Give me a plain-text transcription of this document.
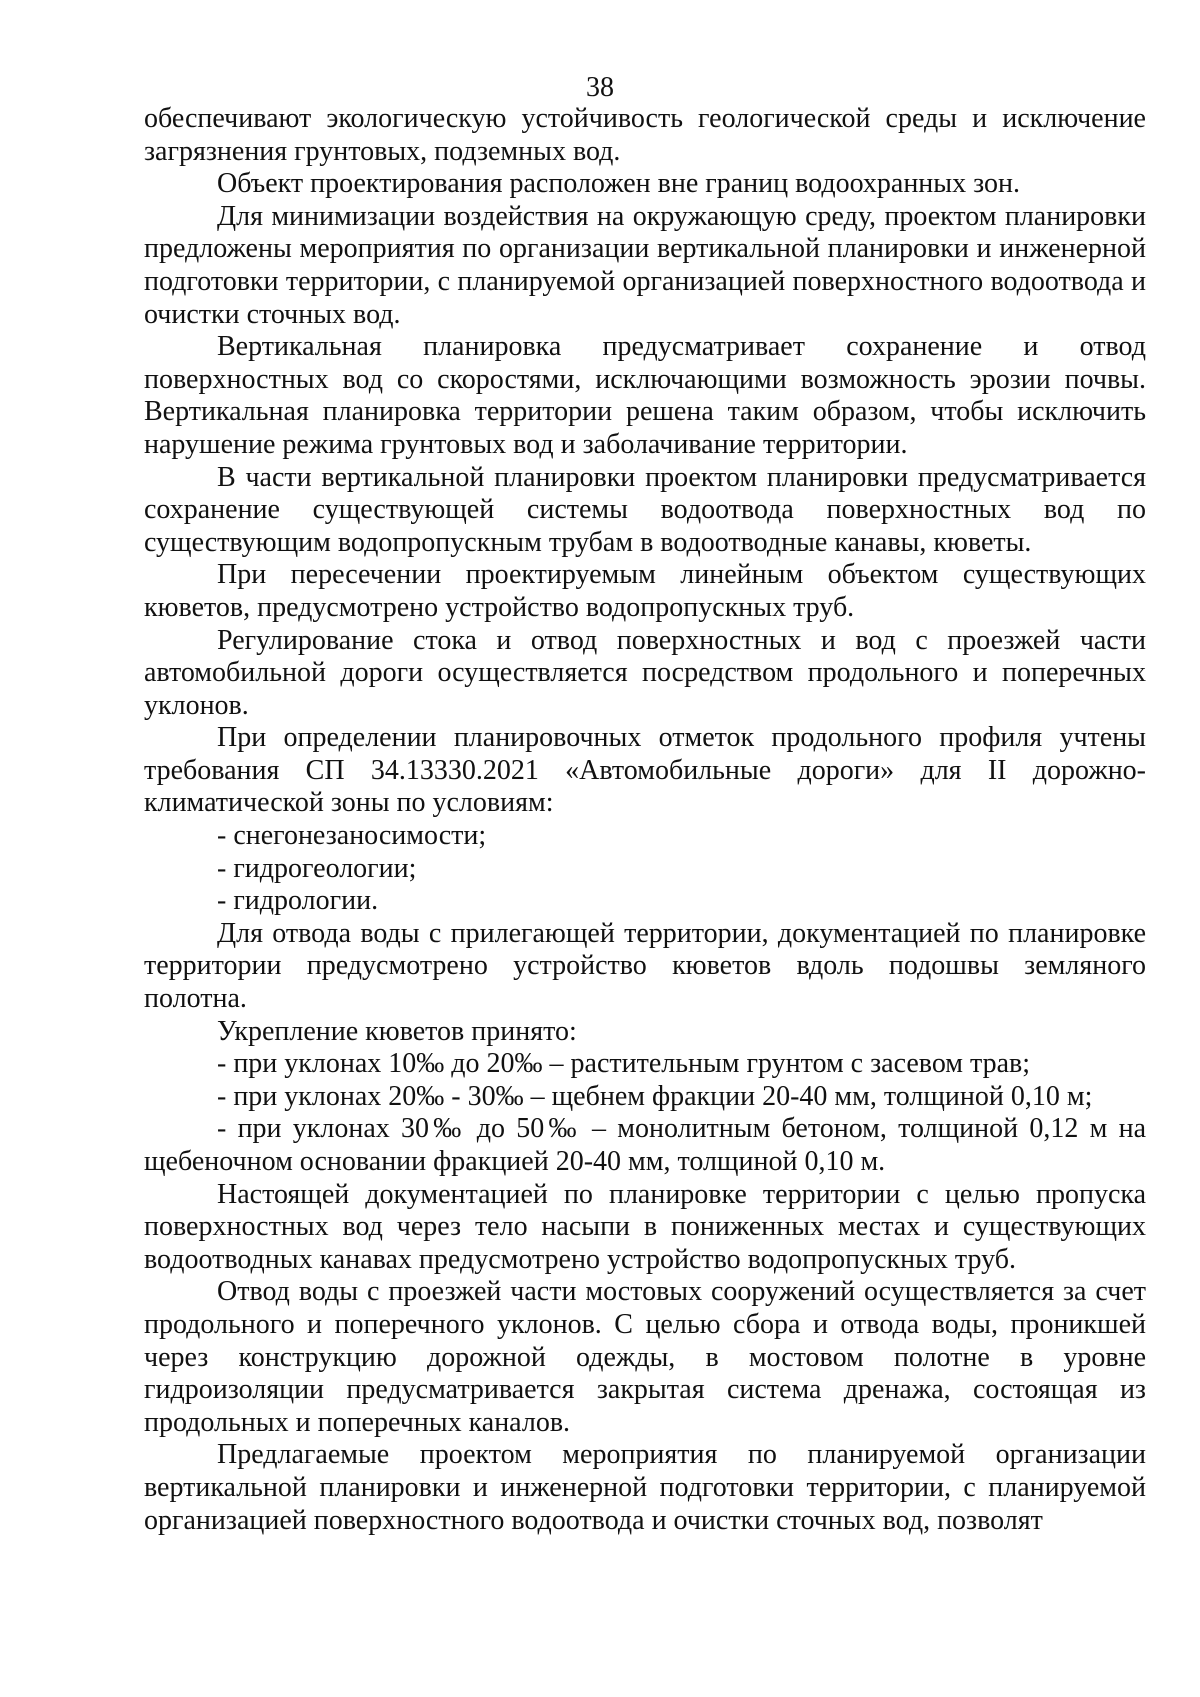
38

обеспечивают экологическую устойчивость геологической среды и исключение загрязнения грунтовых, подземных вод.

Объект проектирования расположен вне границ водоохранных зон.

Для минимизации воздействия на окружающую среду, проектом планировки предложены мероприятия по организации вертикальной планировки и инженерной подготовки территории, с планируемой организацией поверхностного водоотвода и очистки сточных вод.

Вертикальная планировка предусматривает сохранение и отвод поверхностных вод со скоростями, исключающими возможность эрозии почвы. Вертикальная планировка территории решена таким образом, чтобы исключить нарушение режима грунтовых вод и заболачивание территории.

В части вертикальной планировки проектом планировки предусматривается сохранение существующей системы водоотвода поверхностных вод по существующим водопропускным трубам в водоотводные канавы, кюветы.

При пересечении проектируемым линейным объектом существующих кюветов, предусмотрено устройство водопропускных труб.

Регулирование стока и отвод поверхностных и вод с проезжей части автомобильной дороги осуществляется посредством продольного и поперечных уклонов.

При определении планировочных отметок продольного профиля учтены требования СП 34.13330.2021 «Автомобильные дороги» для II дорожно-климатической зоны по условиям:

- снегонезаносимости;

- гидрогеологии;

- гидрологии.

Для отвода воды с прилегающей территории, документацией по планировке территории предусмотрено устройство кюветов вдоль подошвы земляного полотна.

Укрепление кюветов принято:

- при уклонах 10‰ до 20‰ – растительным грунтом с засевом трав;

- при уклонах 20‰ - 30‰ – щебнем фракции 20-40 мм, толщиной 0,10 м;

- при уклонах 30‰ до 50‰ – монолитным бетоном, толщиной 0,12 м на щебеночном основании фракцией 20-40 мм, толщиной 0,10 м.

Настоящей документацией по планировке территории с целью пропуска поверхностных вод через тело насыпи в пониженных местах и существующих водоотводных канавах предусмотрено устройство водопропускных труб.

Отвод воды с проезжей части мостовых сооружений осуществляется за счет продольного и поперечного уклонов. С целью сбора и отвода воды, проникшей через конструкцию дорожной одежды, в мостовом полотне в уровне гидроизоляции предусматривается закрытая система дренажа, состоящая из продольных и поперечных каналов.

Предлагаемые проектом мероприятия по планируемой организации вертикальной планировки и инженерной подготовки территории, с планируемой организацией поверхностного водоотвода и очистки сточных вод, позволят
